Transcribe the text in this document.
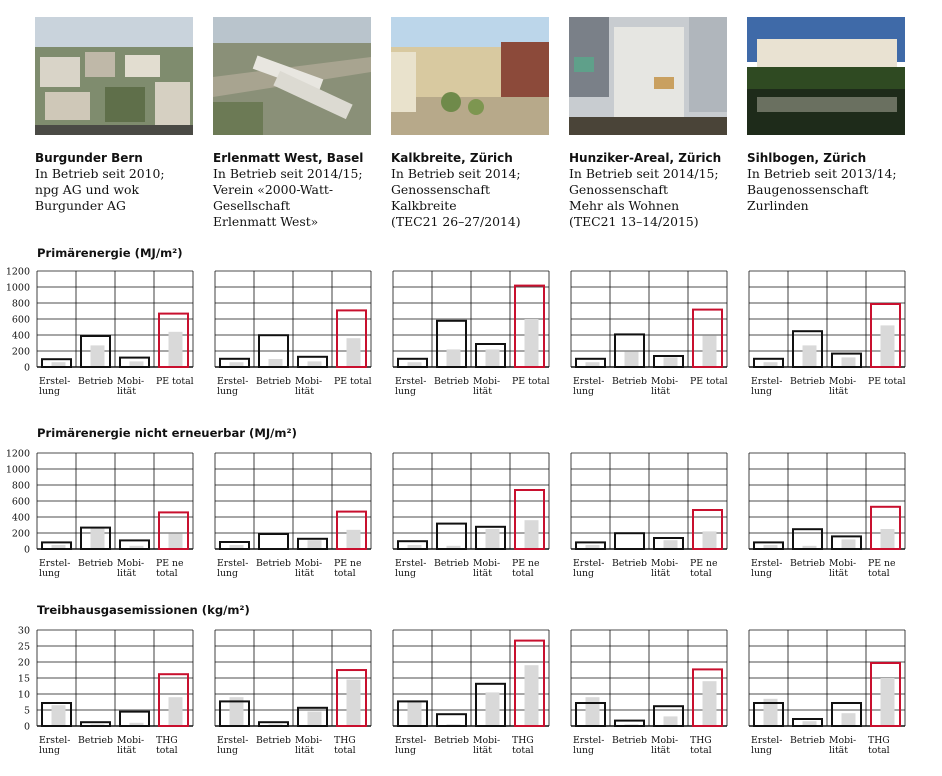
Burgunder Bern
In Betrieb seit 2010;
npg AG und wok
Burgunder AG
Erlenmatt West, Basel
In Betrieb seit 2014/15;
Verein «2000-Watt-
Gesellschaft
Erlenmatt West»
Kalkbreite, Zürich
In Betrieb seit 2014;
Genossenschaft
Kalkbreite
(TEC21 26–27/2014)
Hunziker-Areal, Zürich
In Betrieb seit 2014/15;
Genossenschaft
Mehr als Wohnen
(TEC21 13–14/2015)
Sihlbogen, Zürich
In Betrieb seit 2013/14;
Baugenossenschaft
Zurlinden
Primärenergie (MJ/m²)
Primärenergie nicht erneuerbar (MJ/m²)
Treibhausgasemissionen (kg/m²)
0
200
400
600
800
1000
1200
Erstel-
lung
Betrieb Mobi-
lität
PE total	Erstel-
lung
Betrieb Mobi-
lität
PE total	Erstel-
lung
Betrieb Mobi-
lität
PE total	Erstel-
lung
Betrieb Mobi-
lität
PE total	Erstel-
lung
Betrieb Mobi-
lität
PE total
0
200
400
600
800
1000
1200
Erstel-
lung
Betrieb Mobi-
lität
PE ne
total
Erstel-
lung
Betrieb Mobi-
lität
PE ne
total
Erstel-
lung
Betrieb Mobi-
lität
PE ne
total
Erstel-
lung
Betrieb Mobi-
lität
PE ne
total
Erstel-
lung
Betrieb Mobi-
lität
PE ne
total
0
5
10
15
20
25
30
Erstel-
lung
Betrieb Mobi-
lität
THG
total
Erstel-
lung
Betrieb Mobi-
lität
THG
total
Erstel-
lung
Betrieb Mobi-
lität
THG
total
Erstel-
lung
Betrieb Mobi-
lität
THG
total
Erstel-
lung
Betrieb Mobi-
lität
THG
total
